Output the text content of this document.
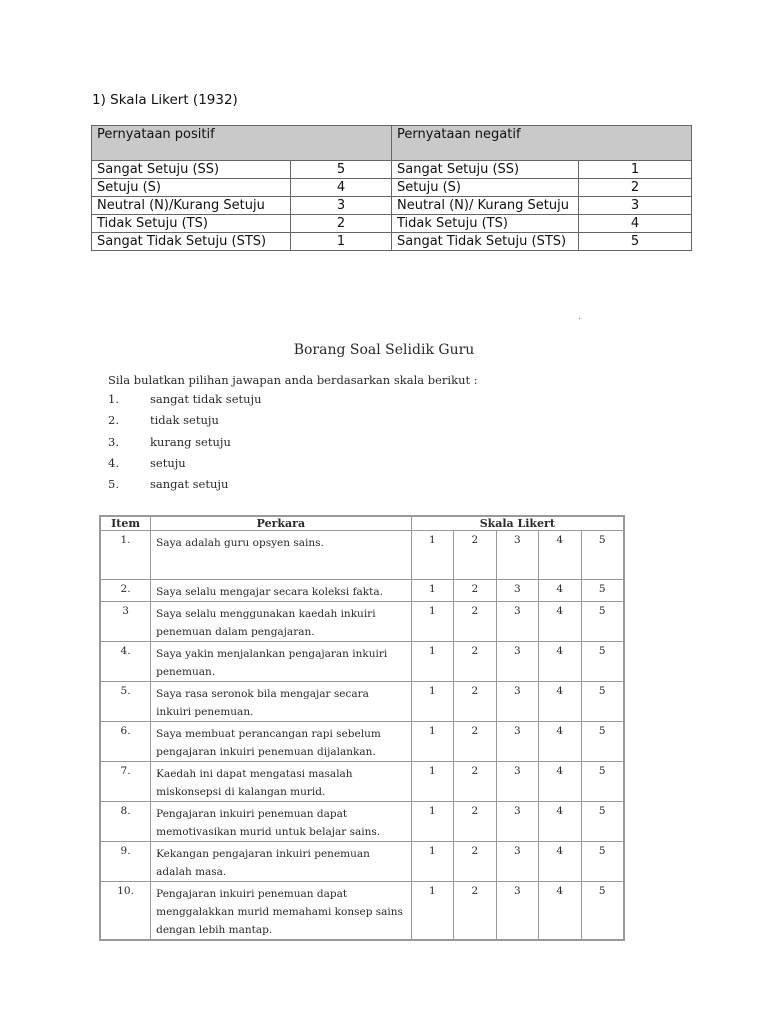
1) Skala Likert (1932)
Pernyataan positif		Pernyataan negatif	
Sangat Setuju (SS)	5	Sangat Setuju (SS)	1
Setuju (S)	4	Setuju (S)	2
Neutral (N)/Kurang Setuju	3	Neutral (N)/ Kurang Setuju	3
Tidak Setuju (TS)	2	Tidak Setuju (TS)	4
Sangat Tidak Setuju (STS)	1	Sangat Tidak Setuju (STS)	5
·
Borang Soal Selidik Guru
Sila bulatkan pilihan jawapan anda berdasarkan skala berikut :
1.	sangat tidak setuju
2.	tidak setuju
3.	kurang setuju
4.	setuju
5.	sangat setuju
Item	Perkara	Skala Likert				
1.	Saya adalah guru opsyen sains.	1	2	3	4	5
2.	Saya selalu mengajar secara koleksi fakta.	1	2	3	4	5
3	Saya selalu menggunakan kaedah inkuiri penemuan dalam pengajaran.	1	2	3	4	5
4.	Saya yakin menjalankan pengajaran inkuiri penemuan.	1	2	3	4	5
5.	Saya rasa seronok bila mengajar secara inkuiri penemuan.	1	2	3	4	5
6.	Saya membuat perancangan rapi sebelum pengajaran inkuiri penemuan dijalankan.	1	2	3	4	5
7.	Kaedah ini dapat mengatasi masalah miskonsepsi di kalangan murid.	1	2	3	4	5
8.	Pengajaran inkuiri penemuan dapat memotivasikan murid untuk belajar sains.	1	2	3	4	5
9.	Kekangan pengajaran inkuiri penemuan adalah masa.	1	2	3	4	5
10.	Pengajaran inkuiri penemuan dapat menggalakkan murid memahami konsep sains dengan lebih mantap.	1	2	3	4	5
